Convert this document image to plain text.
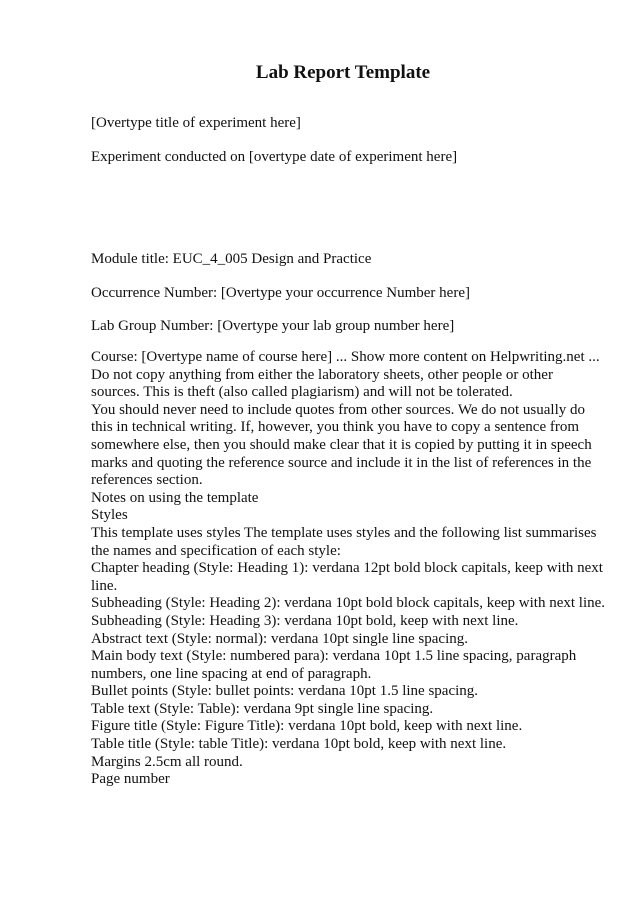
Lab Report Template

[Overtype title of experiment here]

Experiment conducted on [overtype date of experiment here]

Module title: EUC_4_005 Design and Practice

Occurrence Number: [Overtype your occurrence Number here]

Lab Group Number: [Overtype your lab group number here]

Course: [Overtype name of course here] ... Show more content on Helpwriting.net ...

Do not copy anything from either the laboratory sheets, other people or other

sources. This is theft (also called plagiarism) and will not be tolerated.

You should never need to include quotes from other sources. We do not usually do

this in technical writing. If, however, you think you have to copy a sentence from

somewhere else, then you should make clear that it is copied by putting it in speech

marks and quoting the reference source and include it in the list of references in the

references section.

Notes on using the template

Styles

This template uses styles The template uses styles and the following list summarises

the names and specification of each style:

Chapter heading (Style: Heading 1): verdana 12pt bold block capitals, keep with next

line.

Subheading (Style: Heading 2): verdana 10pt bold block capitals, keep with next line.

Subheading (Style: Heading 3): verdana 10pt bold, keep with next line.

Abstract text (Style: normal): verdana 10pt single line spacing.

Main body text (Style: numbered para): verdana 10pt 1.5 line spacing, paragraph

numbers, one line spacing at end of paragraph.

Bullet points (Style: bullet points: verdana 10pt 1.5 line spacing.

Table text (Style: Table): verdana 9pt single line spacing.

Figure title (Style: Figure Title): verdana 10pt bold, keep with next line.

Table title (Style: table Title): verdana 10pt bold, keep with next line.

Margins 2.5cm all round.

Page number
